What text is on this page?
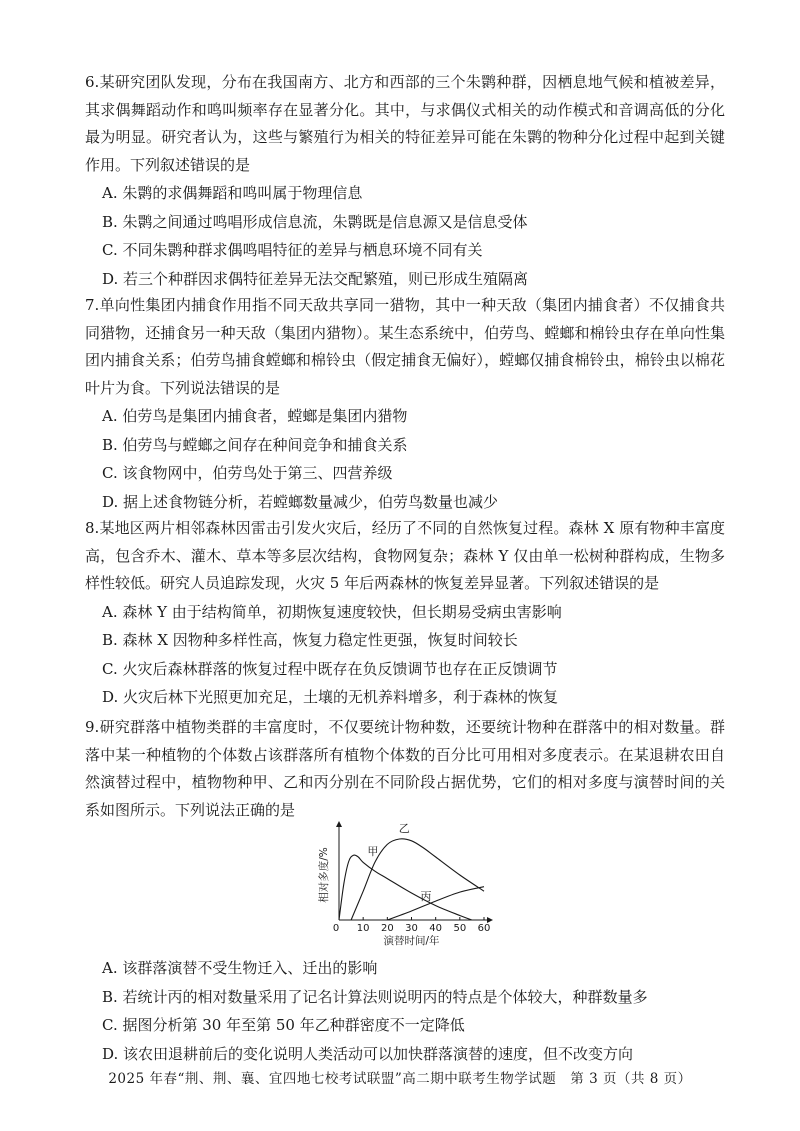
6.某研究团队发现，分布在我国南方、北方和西部的三个朱鹮种群，因栖息地气候和植被差异，其求偶舞蹈动作和鸣叫频率存在显著分化。其中，与求偶仪式相关的动作模式和音调高低的分化最为明显。研究者认为，这些与繁殖行为相关的特征差异可能在朱鹮的物种分化过程中起到关键作用。下列叙述错误的是

A. 朱鹮的求偶舞蹈和鸣叫属于物理信息

B. 朱鹮之间通过鸣唱形成信息流，朱鹮既是信息源又是信息受体

C. 不同朱鹮种群求偶鸣唱特征的差异与栖息环境不同有关

D. 若三个种群因求偶特征差异无法交配繁殖，则已形成生殖隔离

7.单向性集团内捕食作用指不同天敌共享同一猎物，其中一种天敌（集团内捕食者）不仅捕食共同猎物，还捕食另一种天敌（集团内猎物）。某生态系统中，伯劳鸟、螳螂和棉铃虫存在单向性集团内捕食关系；伯劳鸟捕食螳螂和棉铃虫（假定捕食无偏好），螳螂仅捕食棉铃虫，棉铃虫以棉花叶片为食。下列说法错误的是

A. 伯劳鸟是集团内捕食者，螳螂是集团内猎物

B. 伯劳鸟与螳螂之间存在种间竞争和捕食关系

C. 该食物网中，伯劳鸟处于第三、四营养级

D. 据上述食物链分析，若螳螂数量减少，伯劳鸟数量也减少

8.某地区两片相邻森林因雷击引发火灾后，经历了不同的自然恢复过程。森林 X 原有物种丰富度高，包含乔木、灌木、草本等多层次结构，食物网复杂；森林 Y 仅由单一松树种群构成，生物多样性较低。研究人员追踪发现，火灾 5 年后两森林的恢复差异显著。下列叙述错误的是

A. 森林 Y 由于结构简单，初期恢复速度较快，但长期易受病虫害影响

B. 森林 X 因物种多样性高，恢复力稳定性更强，恢复时间较长

C. 火灾后森林群落的恢复过程中既存在负反馈调节也存在正反馈调节

D. 火灾后林下光照更加充足，土壤的无机养料增多，利于森林的恢复

9.研究群落中植物类群的丰富度时，不仅要统计物种数，还要统计物种在群落中的相对数量。群落中某一种植物的个体数占该群落所有植物个体数的百分比可用相对多度表示。在某退耕农田自然演替过程中，植物物种甲、乙和丙分别在不同阶段占据优势，它们的相对多度与演替时间的关系如图所示。下列说法正确的是

A. 该群落演替不受生物迁入、迁出的影响

B. 若统计丙的相对数量采用了记名计算法则说明丙的特点是个体较大，种群数量多

C. 据图分析第 30 年至第 50 年乙种群密度不一定降低

D. 该农田退耕前后的变化说明人类活动可以加快群落演替的速度，但不改变方向

0 10 20 30 40 50 60
演替时间/年
相对多度/%	甲
乙
丙
2025 年春“荆、荆、襄、宜四地七校考试联盟”高二期中联考生物学试题 第 3 页（共 8 页）
